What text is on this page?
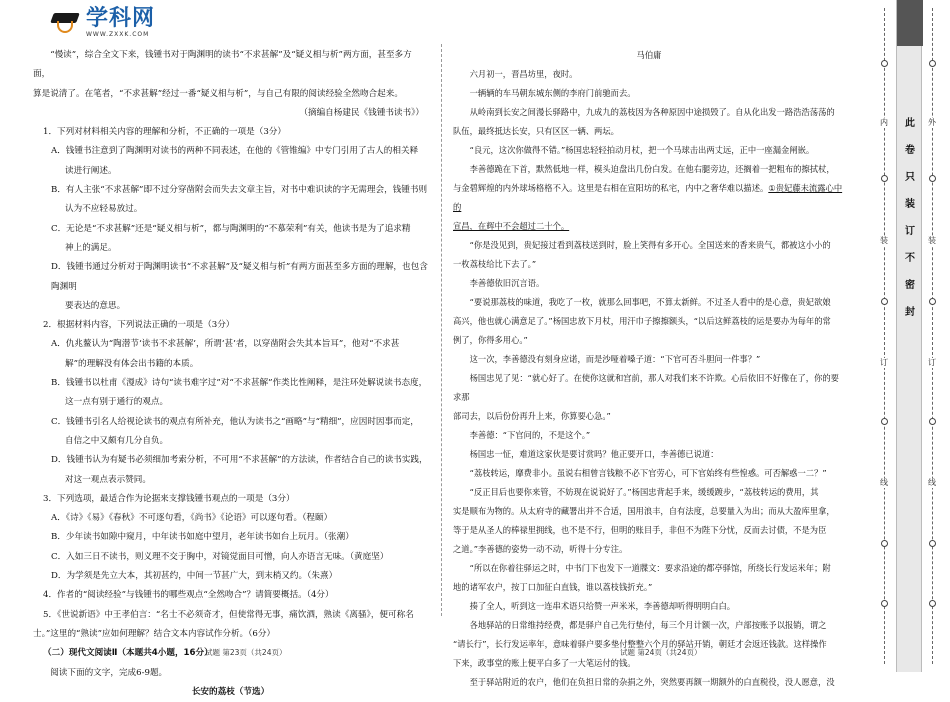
学科网
WWW.ZXXK.COM

“慢读”，综合全文下来，钱锺书对于陶渊明的读书“不求甚解”及“疑义相与析”两方面，甚至多方面，

算是说清了。在笔者，“不求甚解”经过一番“疑义相与析”，与自己有限的阅读经验全然吻合起来。

（摘编自杨建民《钱锺书读书》）

1．下列对材料相关内容的理解和分析，不正确的一项是（3分）

A．钱锺书注意到了陶渊明对读书的两种不同表述，在他的《管锥编》中专门引用了古人的相关释

读进行阐述。

B．有人主张“不求甚解”即不过分穿凿附会而失去文章主旨，对书中难识读的字无需理会，钱锺书则

认为不应轻易放过。

C．无论是“不求甚解”还是“疑义相与析”，都与陶渊明的“不慕荣利”有关，他读书是为了追求精

神上的满足。

D．钱锺书通过分析对于陶渊明读书“不求甚解”及“疑义相与析”有两方面甚至多方面的理解，也包含陶渊明

要表达的意思。

2．根据材料内容，下列说法正确的一项是（3分）

A．仇兆鳌认为“陶潜节‘读书不求甚解’，所谓‘甚’者，以穿凿附会失其本旨耳”，他对“不求甚

解”的理解没有体会出书籍的本质。

B．钱锺书以杜甫《漫成》诗句“读书难字过”对“不求甚解”作类比性阐释，是注环处解说读书态度，

这一点有别于通行的观点。

C．钱锺书引名人给视论读书的观点有所补充，他认为读书之“画略”与“精细”，应因时因事而定，

自信之中又颇有几分自负。

D．钱锺书认为有疑书必须细加考索分析，不可用“不求甚解”的方法读，作者结合自己的读书实践，

对这一观点表示赞同。

3．下列选项，最适合作为论据来支撑钱锺书观点的一项是（3分）

A．《诗》《易》《春秋》不可逐句看，《尚书》《论语》可以逐句看。（程颐）

B．少年读书如隙中窥月，中年读书如庭中望月，老年读书如台上玩月。（张潮）

C．入如三日不读书，则义理不交于胸中，对镜觉面目可憎，向人亦语言无味。（黄庭坚）

D．为学须是先立大本，其初甚约，中间一节甚广大，到末梢又约。（朱熹）

4．作者的“阅读经验”与钱锺书的哪些观点“全然吻合”？请简要概括。（4分）

5．《世说新语》中王孝伯言：“名士不必须奇才，但使常得无事，痛饮酒，熟读《离骚》，便可称名

士。”这里的“熟读”应如何理解？结合文本内容试作分析。（6分）

（二）现代文阅读Ⅱ（本题共4小题，16分）

阅读下面的文字，完成6-9题。

长安的荔枝（节选）

马伯庸

六月初一，晋昌坊里，夜时。

一辆辆的车马朝东城东侧的李府门前驰而去。

从岭南到长安之间漫长驿路中，九成九的荔枝因为各种原因中途损毁了。自从化出发一路浩浩荡荡的

队伍，最终抵达长安，只有区区一辆、两坛。

“良元，这次你做得不错。”杨国忠轻轻拍动月杖，把一个马球击出两丈远，正中一座漏金闸嵌。

李善德跪在下首，默然低地一样，模头迫盘出几份白发。在他右腿旁边，还搁着一把粗布的擦拭杖，

与金碧辉煌的内外球场格格不入。这里是右相在宣阳坊的私宅，内中之奢华难以描述。①贵妃藤未流露心中的

宣昌，在辉中不会超过二十个。

“你是没见到，贵妃接过看到荔枝送到时，脸上笑得有多开心。全国送来的香来贵气，都被这小小的

一枚荔枝给比下去了。”

李善德依旧沉言语。

“要说那荔枝的味道，我吃了一枚，就那么回事吧，不算太新鲜。不过圣人看中的是心意，贵妃欲娘

高兴，他也就心满意足了。”杨国忠放下月杖，用汗巾子擦擦额头，“以后这鲜荔枝的运是要办为每年的常

例了，你得多用心。”

这一次，李善德没有刻身应诺，而是沙哑着嗓子道：“下官可否斗胆问一件事？”

杨国忠见了见：“就心好了。在使你这就和宫前，那人对我们来不许欺。心后依旧不好像在了，你的要求那

部司去，以后份份再升上来，你算要心急。”

李善德：“下官问的，不是这个。”

杨国忠一怔，难道这家伙是要讨赏吗？他正要开口，李善德已说道：

“荔枝转运，靡费非小。虽说右相曾言钱粮不必下官劳心，可下官始终有些惶惑。可否解惑一二？”

“反正目后也要你来管，不妨现在说说好了。”杨国忠背起手来，缓缓踱步，“荔枝转运的费用，其

实是顺布为物的。从太府寺的藏署出并不合适，国用浪丰，自有法度，总要量入为出；而从大盈库里拿，

等于是从圣人的棒禄里拥线，也不是不行，但明的账目手，非但不为陛下分忧，反而去讨债，不是为臣

之道。”李善德的姿势一动不动，听得十分专注。

“所以在你着往驿运之时，中书门下也发下一道牒文：要求沿途的都亭驿馆，所绕长行发运米年；附

地的诸军农户，按丁口加征白直钱，谁以荔枝钱折充。”

揍了全人，听到这一连串术语只给赞一声米米，李善德却听得明明白白。

各地驿站的日常维持经费，都是驿户自己先行垫付，每三个月计额一次，户部按账予以报销，谓之

“请长行”，长行发运率年，意味着驿户要多垫付整整六个月的驿站开销，朝廷才会返还钱款。这样操作

下来，政事堂的账上便平白多了一大笔运付的钱。

至于驿站附近的农户，他们在负担日常的杂捐之外，突然要再额一期额外的白直税役，没人愿意，没

试题 第23页（共24页）	试题 第24页（共24页）
内
装
订
线
此
卷
只
装
订
不
密
封
外
装
订
线
